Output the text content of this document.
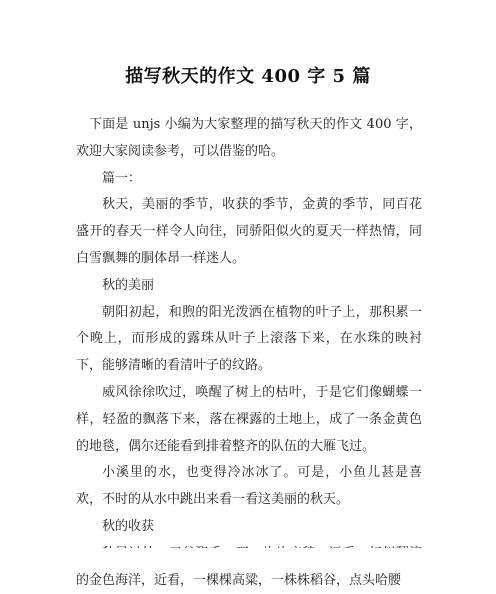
描写秋天的作文 400 字 5 篇

下面是 unjs 小编为大家整理的描写秋天的作文 400 字，欢迎大家阅读参考，可以借鉴的哈。

篇一：

秋天，美丽的季节，收获的季节，金黄的季节，同百花盛开的春天一样令人向往，同骄阳似火的夏天一样热情，同白雪飘舞的胴体昂一样迷人。

秋的美丽

朝阳初起，和煦的阳光泼洒在植物的叶子上，那积累一个晚上，而形成的露珠从叶子上滚落下来，在水珠的映衬下，能够清晰的看清叶子的纹路。

威风徐徐吹过，唤醒了树上的枯叶，于是它们像蝴蝶一样，轻盈的飘落下来，落在裸露的土地上，成了一条金黄色的地毯，偶尔还能看到排着整齐的队伍的大雁飞过。

小溪里的水，也变得冷冰冰了。可是，小鱼儿甚是喜欢，不时的从水中跳出来看一看这美丽的秋天。

秋的收获

的金色海洋，近看，一棵棵高粱，一株株稻谷，点头哈腰
